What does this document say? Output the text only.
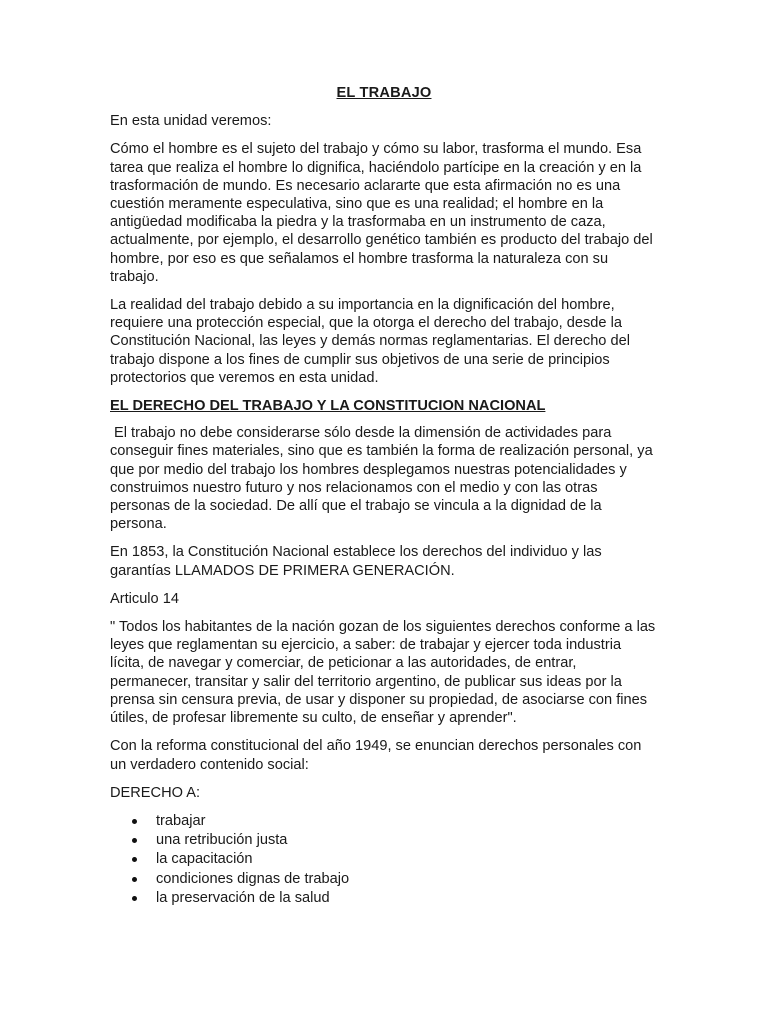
EL TRABAJO

En esta unidad veremos:

Cómo el hombre es el sujeto del trabajo y cómo su labor, trasforma el mundo. Esa tarea que realiza el hombre lo dignifica, haciéndolo partícipe en la creación y en la trasformación de mundo. Es necesario aclararte que esta afirmación no es una cuestión meramente especulativa, sino que es una realidad; el hombre en la antigüedad modificaba la piedra y la trasformaba en un instrumento de caza, actualmente, por ejemplo, el desarrollo genético también es producto del trabajo del hombre, por eso es que señalamos el hombre trasforma la naturaleza con su trabajo.

La realidad del trabajo debido a su importancia en la dignificación del hombre, requiere una protección especial, que la otorga el derecho del trabajo, desde la Constitución Nacional, las leyes y demás normas reglamentarias. El derecho del trabajo dispone a los fines de cumplir sus objetivos de una serie de principios protectorios que veremos en esta unidad.

EL DERECHO DEL TRABAJO Y LA CONSTITUCION NACIONAL

El trabajo no debe considerarse sólo desde la dimensión de actividades para conseguir fines materiales, sino que es también la forma de realización personal, ya que por medio del trabajo los hombres desplegamos nuestras potencialidades y construimos nuestro futuro y nos relacionamos con el medio y con las otras personas de la sociedad. De allí que el trabajo se vincula a la dignidad de la persona.

En 1853, la Constitución Nacional establece los derechos del individuo y las garantías LLAMADOS DE PRIMERA GENERACIÓN.

Articulo 14

" Todos los habitantes de la nación gozan de los siguientes derechos conforme a las leyes que reglamentan su ejercicio, a saber: de trabajar y ejercer toda industria lícita, de navegar y comerciar, de peticionar a las autoridades, de entrar, permanecer, transitar y salir del territorio argentino, de publicar sus ideas por la prensa sin censura previa, de usar y disponer su propiedad, de asociarse con fines útiles, de profesar libremente su culto, de enseñar y aprender".

Con la reforma constitucional del año 1949, se enuncian derechos personales con un verdadero contenido social:

DERECHO A:

trabajar
una retribución justa
la capacitación
condiciones dignas de trabajo
la preservación de la salud
